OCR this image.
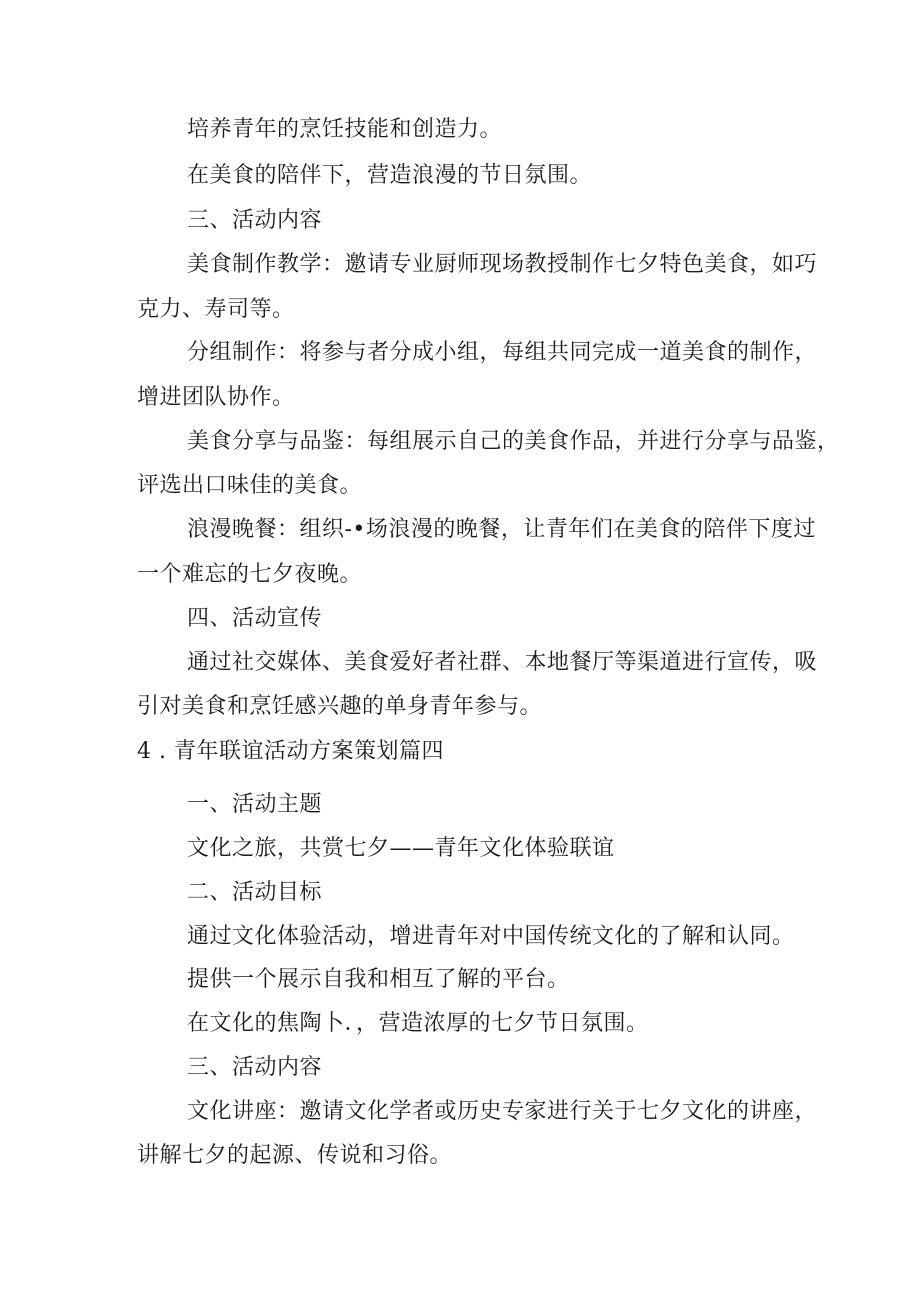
培养青年的烹饪技能和创造力。
在美食的陪伴下，营造浪漫的节日氛围。
三、活动内容
美食制作教学：邀请专业厨师现场教授制作七夕特色美食，如巧
克力、寿司等。
分组制作：将参与者分成小组，每组共同完成一道美食的制作，
增进团队协作。
美食分享与品鉴：每组展示自己的美食作品，并进行分享与品鉴，
评选出口味佳的美食。
浪漫晚餐：组织-•场浪漫的晚餐，让青年们在美食的陪伴下度过
一个难忘的七夕夜晚。
四、活动宣传
通过社交媒体、美食爱好者社群、本地餐厅等渠道进行宣传，吸
引对美食和烹饪感兴趣的单身青年参与。
4 . 青年联谊活动方案策划篇四
一、活动主题
文化之旅，共赏七夕——青年文化体验联谊
二、活动目标
通过文化体验活动，增进青年对中国传统文化的了解和认同。
提供一个展示自我和相互了解的平台。
在文化的焦陶卜．，营造浓厚的七夕节日氛围。
三、活动内容
文化讲座：邀请文化学者或历史专家进行关于七夕文化的讲座，
讲解七夕的起源、传说和习俗。
